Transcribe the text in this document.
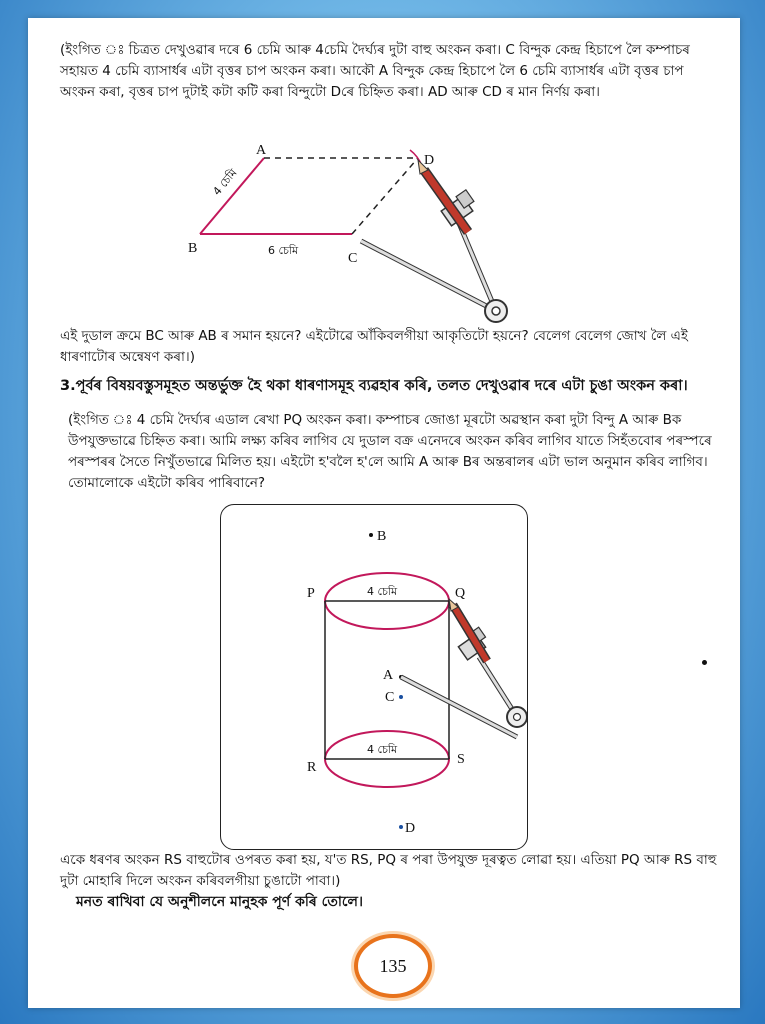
(ইংগিত ঃ চিত্ৰত দেখুওৱাৰ দৰে 6 চেমি আৰু 4চেমি দৈৰ্ঘ্যৰ দুটা বাহু অংকন কৰা। C বিন্দুক কেন্দ্ৰ হিচাপে লৈ কম্পাচৰ সহায়ত 4 চেমি ব্যাসাৰ্ধৰ এটা বৃত্তৰ চাপ অংকন কৰা। আকৌ A বিন্দুক কেন্দ্ৰ হিচাপে লৈ 6 চেমি ব্যাসাৰ্ধৰ এটা বৃত্তৰ চাপ অংকন কৰা, বৃত্তৰ চাপ দুটাই কটা কটি কৰা বিন্দুটো Dৰে চিহ্নিত কৰা। AD আৰু CD ৰ মান নিৰ্ণয় কৰা।
A
B
C
D
4 চেমি
6 চেমি
এই দুডাল ক্ৰমে BC আৰু AB ৰ সমান হয়নে? এইটোৱে আঁকিবলগীয়া আকৃতিটো হয়নে? বেলেগ বেলেগ জোখ লৈ এই ধাৰণাটোৰ অন্বেষণ কৰা।)
3.পূৰ্বৰ বিষয়বস্তুসমূহত অন্তৰ্ভুক্ত হৈ থকা ধাৰণাসমূহ ব্যৱহাৰ কৰি, তলত দেখুওৱাৰ দৰে এটা চুঙা অংকন কৰা।
(ইংগিত ঃ 4 চেমি দৈৰ্ঘ্যৰ এডাল ৰেখা PQ অংকন কৰা। কম্পাচৰ জোঙা মূৰটো অৱস্থান কৰা দুটা বিন্দু A আৰু Bক উপযুক্তভাৱে চিহ্নিত কৰা। আমি লক্ষ্য কৰিব লাগিব যে দুডাল বক্ৰ এনেদৰে অংকন কৰিব লাগিব যাতে সিহঁতবোৰ পৰস্পৰে পৰস্পৰৰ সৈতে নিখুঁতভাৱে মিলিত হয়। এইটো হ'বলৈ হ'লে আমি A আৰু Bৰ অন্তৰালৰ এটা ভাল অনুমান কৰিব লাগিব। তোমালোকে এইটো কৰিব পাৰিবানে?
B
P	Q
R
S
4 চেমি
4 চেমি
A
C
D
একে ধৰণৰ অংকন RS বাহুটোৰ ওপৰত কৰা হয়, য'ত RS, PQ ৰ পৰা উপযুক্ত দূৰত্বত লোৱা হয়। এতিয়া PQ আৰু RS বাহু দুটা মোহাৰি দিলে অংকন কৰিবলগীয়া চুঙাটো পাবা।)
মনত ৰাখিবা যে অনুশীলনে মানুহক পূৰ্ণ কৰি তোলে।
135
